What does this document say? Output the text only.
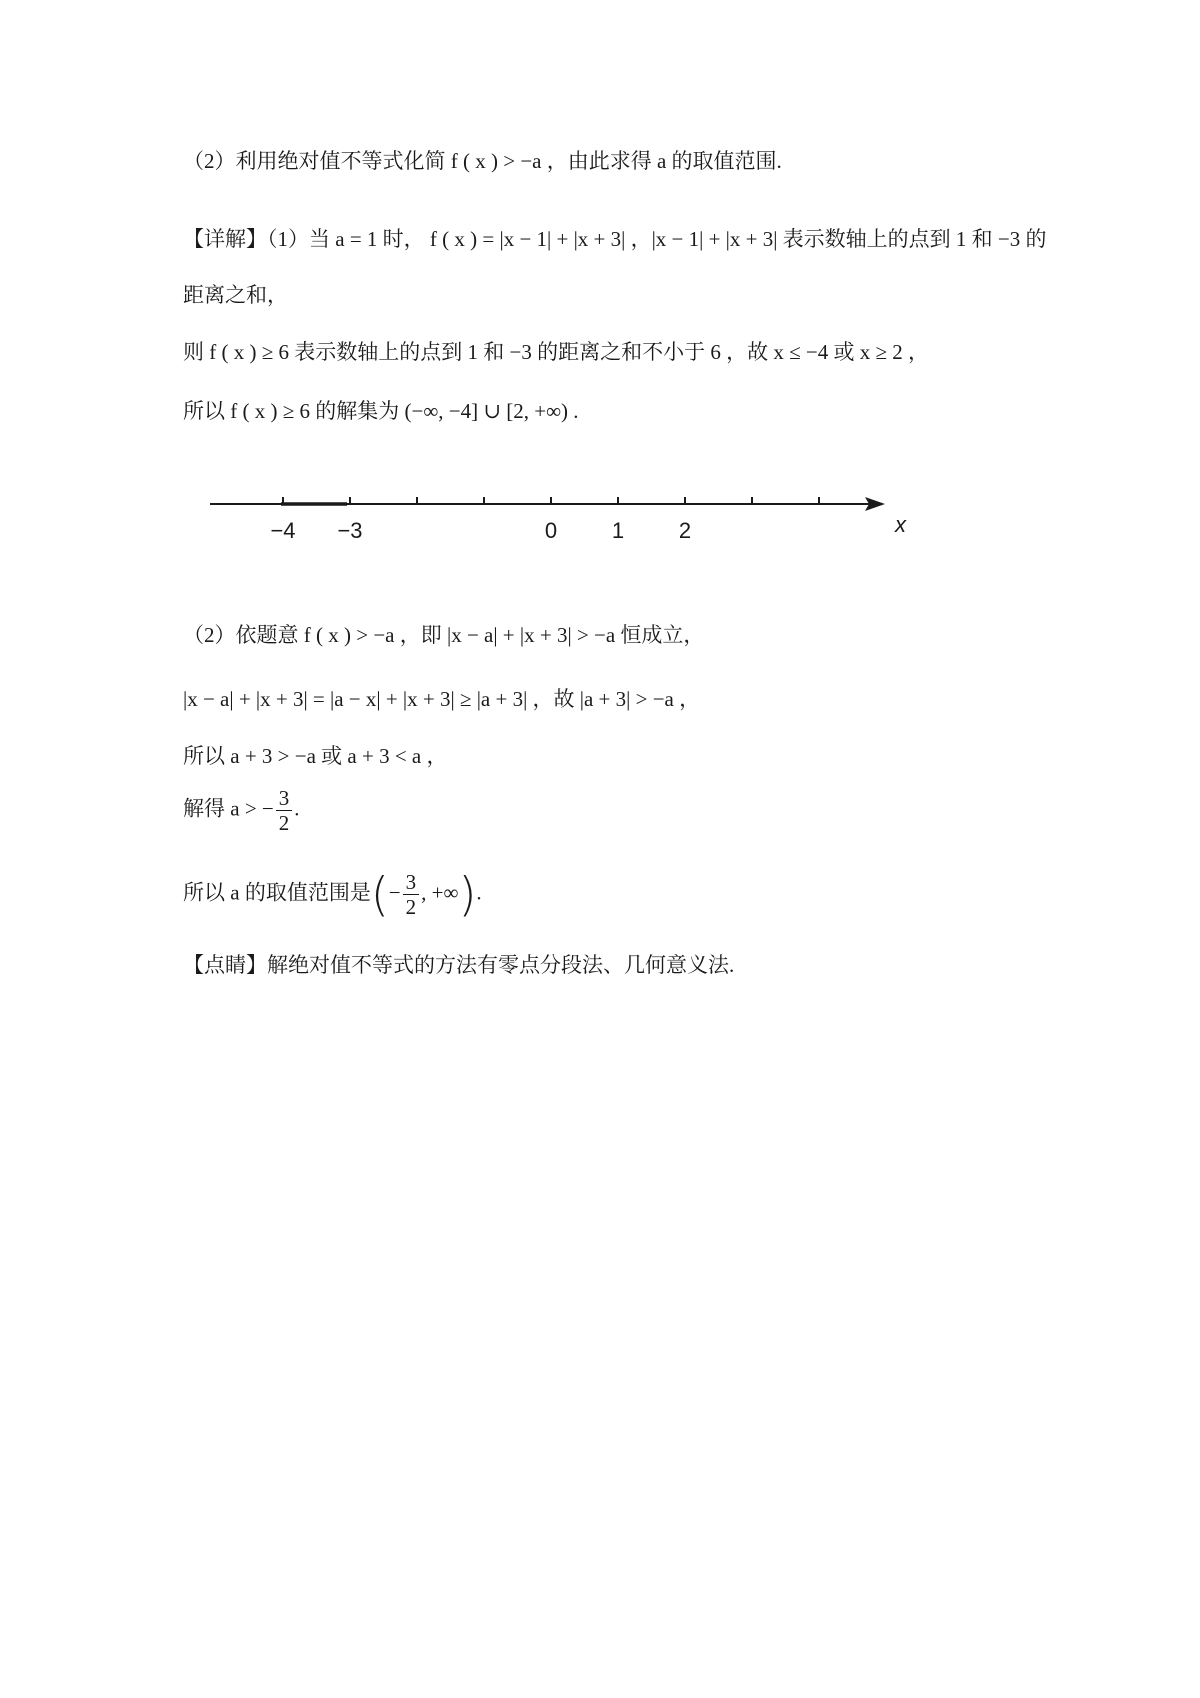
（2）利用绝对值不等式化简 f ( x ) > −a ，由此求得 a 的取值范围.
【详解】（1）当 a = 1 时， f ( x ) = |x − 1| + |x + 3| ，|x − 1| + |x + 3| 表示数轴上的点到 1 和 −3 的
距离之和，
则 f ( x ) ≥ 6 表示数轴上的点到 1 和 −3 的距离之和不小于 6 ，故 x ≤ −4 或 x ≥ 2 ，
所以 f ( x ) ≥ 6 的解集为 (−∞, −4] ∪ [2, +∞) .
−4 −3	0 1 2	x
（2）依题意 f ( x ) > −a ，即 |x − a| + |x + 3| > −a 恒成立，
|x − a| + |x + 3| = |a − x| + |x + 3| ≥ |a + 3| ，故 |a + 3| > −a ，
所以 a + 3 > −a 或 a + 3 < a ，
解得 a > − $\frac{3}{2}$ .
所以 a 的取值范围是(− $\frac{3}{2}$ , +∞).
【点睛】解绝对值不等式的方法有零点分段法、几何意义法.
